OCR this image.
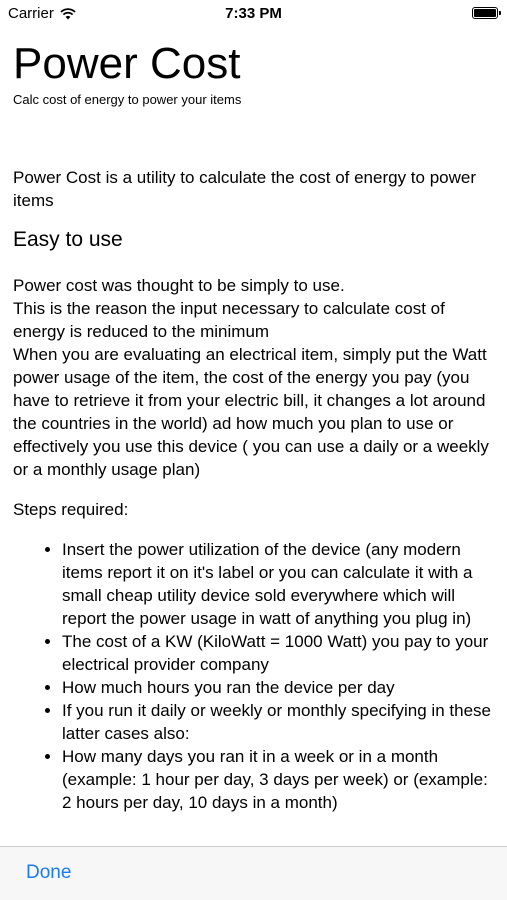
Carrier	7:33 PM
Power Cost
Calc cost of energy to power your items
Power Cost is a utility to calculate the cost of energy to power items
Easy to use
Power cost was thought to be simply to use.
This is the reason the input necessary to calculate cost of energy is reduced to the minimum
When you are evaluating an electrical item, simply put the Watt power usage of the item, the cost of the energy you pay (you have to retrieve it from your electric bill, it changes a lot around the countries in the world) ad how much you plan to use or effectively you use this device ( you can use a daily or a weekly or a monthly usage plan)
Steps required:
• Insert the power utilization of the device (any modern items report it on it's label or you can calculate it with a small cheap utility device sold everywhere which will report the power usage in watt of anything you plug in)
• The cost of a KW (KiloWatt = 1000 Watt) you pay to your electrical provider company
• How much hours you ran the device per day
• If you run it daily or weekly or monthly specifying in these latter cases also:
• How many days you ran it in a week or in a month (example: 1 hour per day, 3 days per week) or (example: 2 hours per day, 10 days in a month)
Done
